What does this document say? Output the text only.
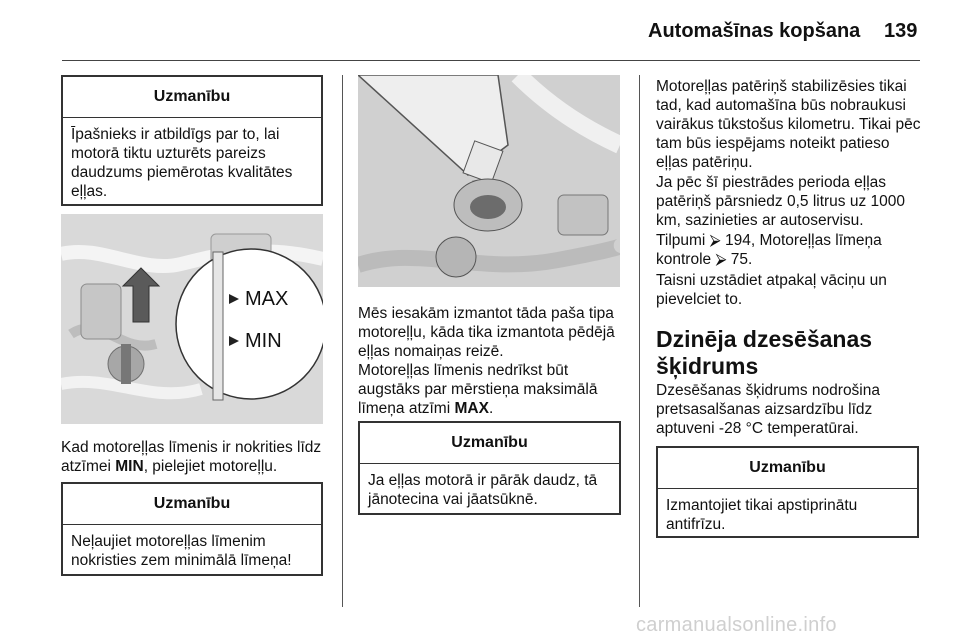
Automašīnas kopšana 139
Uzmanību
Īpašnieks ir atbildīgs par to, lai motorā tiktu uzturēts pareizs daudzums piemērotas kvalitātes eļļas.
MAX
MIN
Kad motoreļļas līmenis ir nokrities līdz atzīmei MIN, pielejiet motoreļļu.
Uzmanību
Neļaujiet motoreļļas līmenim nokristies zem minimālā līmeņa!
Mēs iesakām izmantot tāda paša tipa motoreļļu, kāda tika izmantota pēdējā eļļas nomaiņas reizē.
Motoreļļas līmenis nedrīkst būt augstāks par mērstieņa maksimālā līmeņa atzīmi MAX.
Uzmanību
Ja eļļas motorā ir pārāk daudz, tā jānotecina vai jāatsūknē.
Motoreļļas patēriņš stabilizēsies tikai tad, kad automašīna būs nobraukusi vairākus tūkstošus kilometru. Tikai pēc tam būs iespējams noteikt patieso eļļas patēriņu.
Ja pēc šī piestrādes perioda eļļas patēriņš pārsniedz 0,5 litrus uz 1000 km, sazinieties ar autoservisu.
Tilpumi ⮚ 194, Motoreļļas līmeņa kontrole ⮚ 75.
Taisni uzstādiet atpakaļ vāciņu un pievelciet to.
Dzinēja dzesēšanas šķidrums
Dzesēšanas šķidrums nodrošina pretsasalšanas aizsardzību līdz aptuveni -28 °C temperatūrai.
Uzmanību
Izmantojiet tikai apstiprinātu antifrīzu.
carmanualsonline.info
